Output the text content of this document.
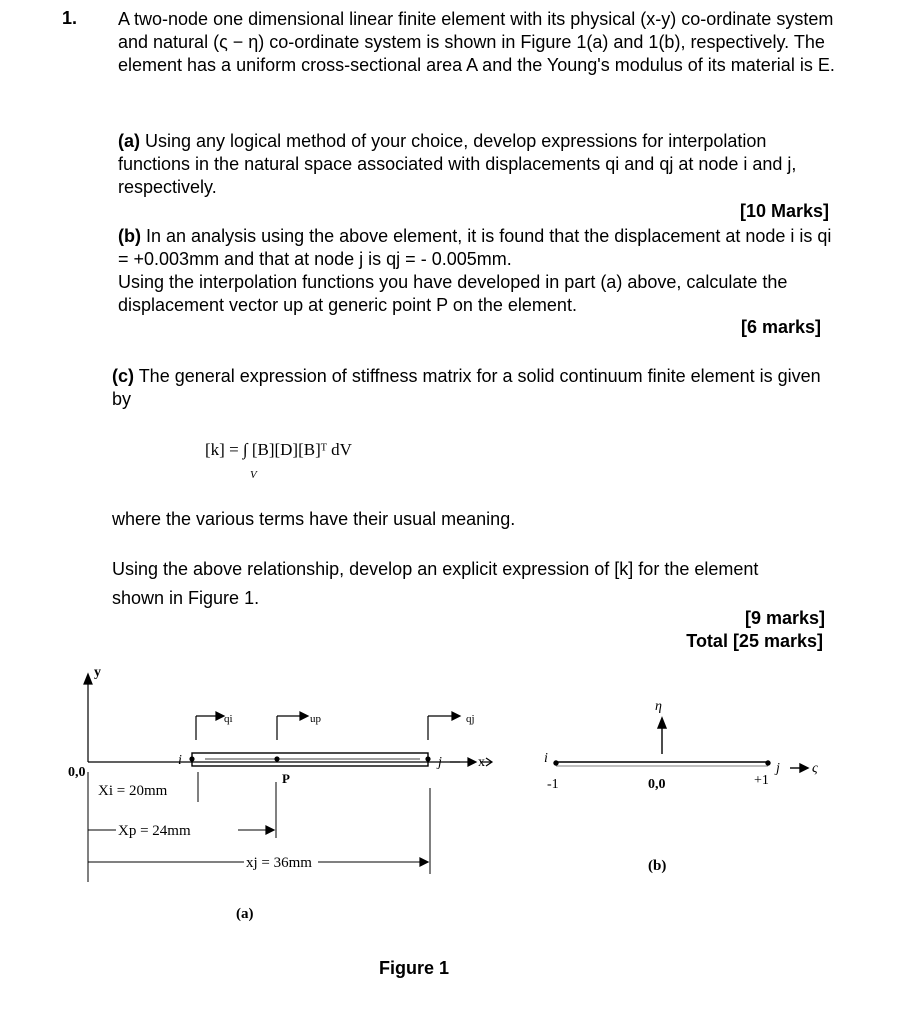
1. A two-node one dimensional linear finite element with its physical (x-y) co-ordinate system and natural (ς − η) co-ordinate system is shown in Figure 1(a) and 1(b), respectively. The element has a uniform cross-sectional area A and the Young's modulus of its material is E.
(a) Using any logical method of your choice, develop expressions for interpolation functions in the natural space associated with displacements qi and qj at node i and j, respectively.
[10 Marks]
(b) In an analysis using the above element, it is found that the displacement at node i is qi = +0.003mm and that at node j is qj = - 0.005mm.
Using the interpolation functions you have developed in part (a) above, calculate the displacement vector up at generic point P on the element.
[6 marks]
(c) The general expression of stiffness matrix for a solid continuum finite element is given by
[k] = ∫ [B][D][B]ᵀ dV
V
where the various terms have their usual meaning.
Using the above relationship, develop an explicit expression of [k] for the element shown in Figure 1.
[9 marks]
Total [25 marks]
y
0,0
i	j	x
qi	up	qj
P
Xi = 20mm
Xp = 24mm
xj = 36mm
(a)
η
i
j ς
-1	0,0	+1
(b)
Figure 1
